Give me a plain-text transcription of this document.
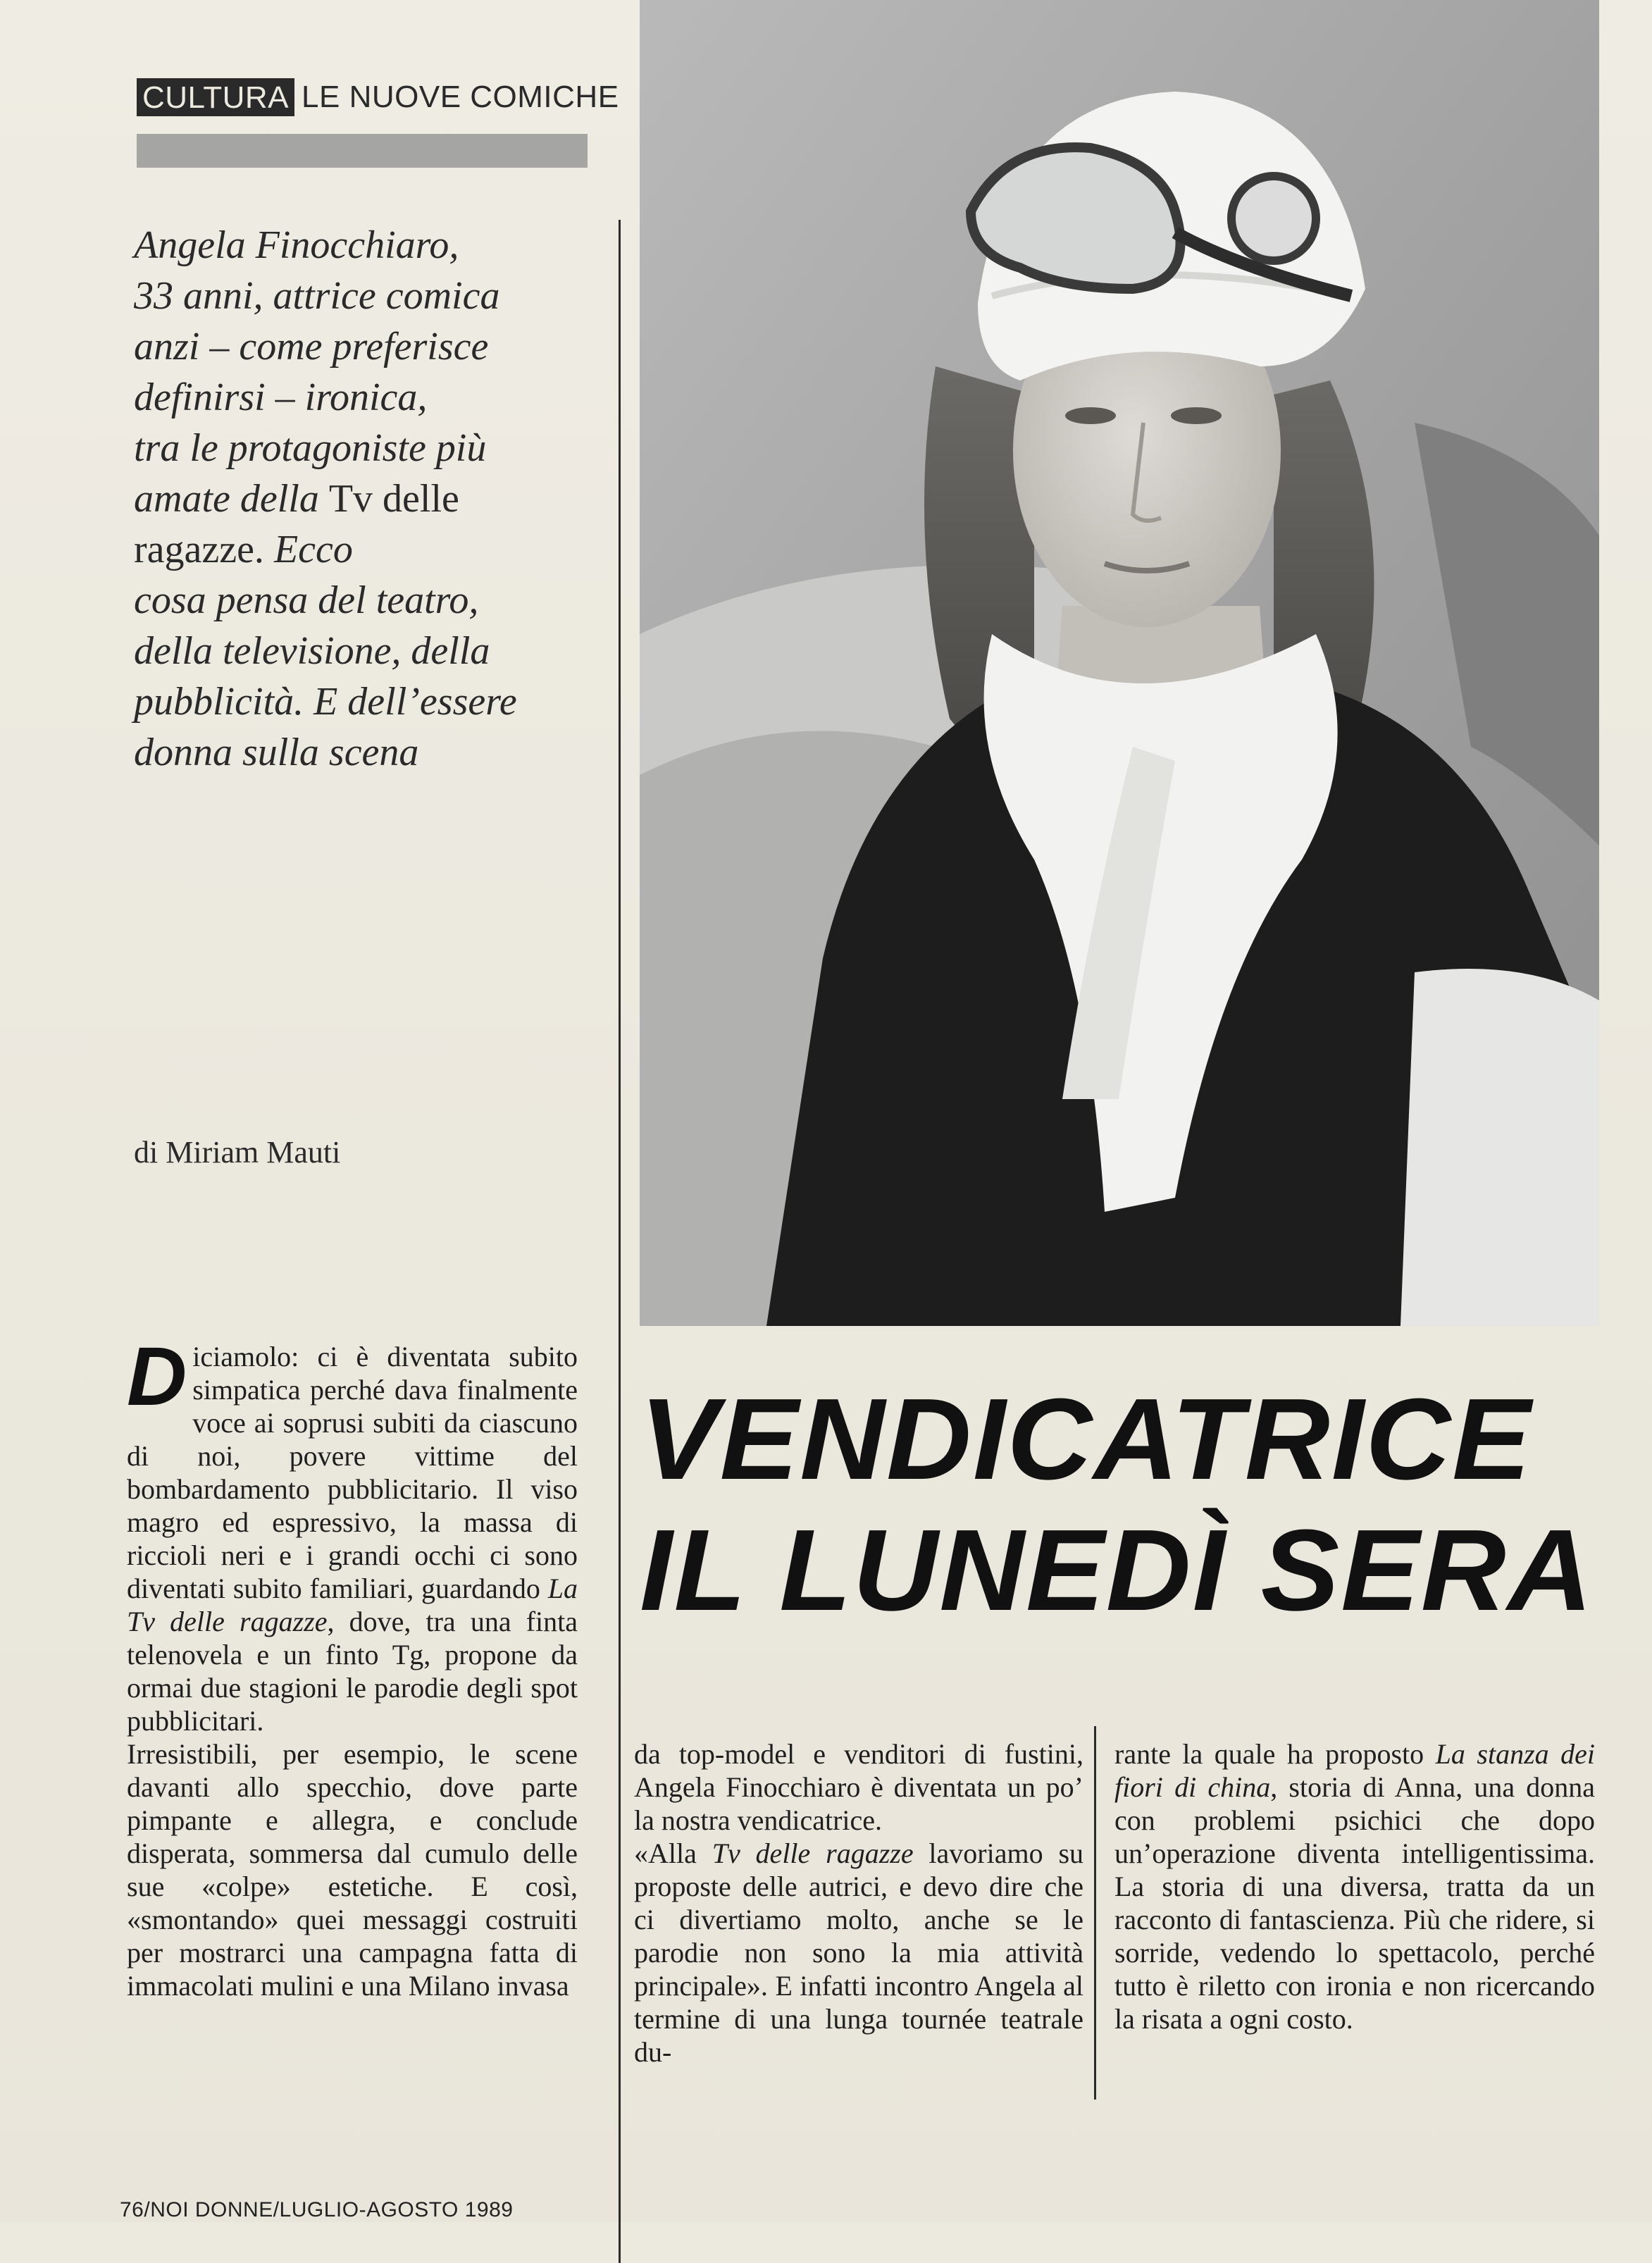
CULTURA LE NUOVE COMICHE

Angela Finocchiaro,

33 anni, attrice comica

anzi – come preferisce

definirsi – ironica,

tra le protagoniste più

amate della Tv delle

ragazze. Ecco

cosa pensa del teatro,

della televisione, della

pubblicità. E dell’essere

donna sulla scena

di Miriam Mauti
VENDICATRICE
IL LUNEDÌ SERA

Diciamolo: ci è diventata subito simpatica perché dava finalmente voce ai soprusi subiti da ciascuno di noi, povere vittime del bombardamento pubblicitario. Il viso magro ed espressivo, la massa di riccioli neri e i grandi occhi ci sono diventati subito familiari, guardando La Tv delle ragazze, dove, tra una finta telenovela e un finto Tg, propone da ormai due stagioni le parodie degli spot pubblicitari.

Irresistibili, per esempio, le scene davanti allo specchio, dove parte pimpante e allegra, e conclude disperata, sommersa dal cumulo delle sue «colpe» estetiche. E così, «smontando» quei messaggi costruiti per mostrarci una campagna fatta di immacolati mulini e una Milano invasa

da top-model e venditori di fustini, Angela Finocchiaro è diventata un po’ la nostra vendicatrice.

«Alla Tv delle ragazze lavoriamo su proposte delle autrici, e devo dire che ci divertiamo molto, anche se le parodie non sono la mia attività principale». E infatti incontro Angela al termine di una lunga tournée teatrale du-

rante la quale ha proposto La stanza dei fiori di china, storia di Anna, una donna con problemi psichici che dopo un’operazione diventa intelligentissima. La storia di una diversa, tratta da un racconto di fantascienza. Più che ridere, si sorride, vedendo lo spettacolo, perché tutto è riletto con ironia e non ricercando la risata a ogni costo.

76/NOI DONNE/LUGLIO-AGOSTO 1989
